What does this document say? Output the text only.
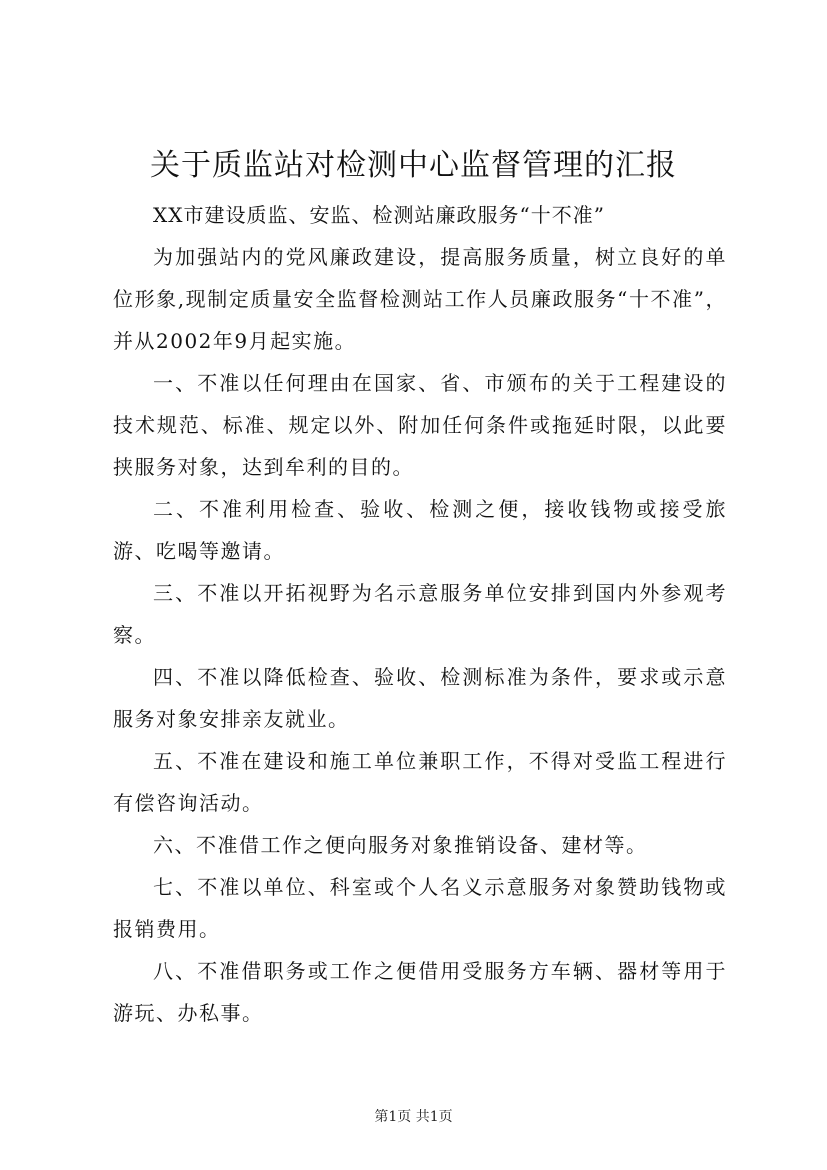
关于质监站对检测中心监督管理的汇报

XX市建设质监、安监、检测站廉政服务“十不准”

为加强站内的党风廉政建设，提高服务质量，树立良好的单位形象,现制定质量安全监督检测站工作人员廉政服务“十不准”，并从2002年9月起实施。

一、不准以任何理由在国家、省、市颁布的关于工程建设的技术规范、标准、规定以外、附加任何条件或拖延时限，以此要挟服务对象，达到牟利的目的。

二、不准利用检查、验收、检测之便，接收钱物或接受旅游、吃喝等邀请。

三、不准以开拓视野为名示意服务单位安排到国内外参观考察。

四、不准以降低检查、验收、检测标准为条件，要求或示意服务对象安排亲友就业。

五、不准在建设和施工单位兼职工作，不得对受监工程进行有偿咨询活动。

六、不准借工作之便向服务对象推销设备、建材等。

七、不准以单位、科室或个人名义示意服务对象赞助钱物或报销费用。

八、不准借职务或工作之便借用受服务方车辆、器材等用于游玩、办私事。

第1页 共1页
